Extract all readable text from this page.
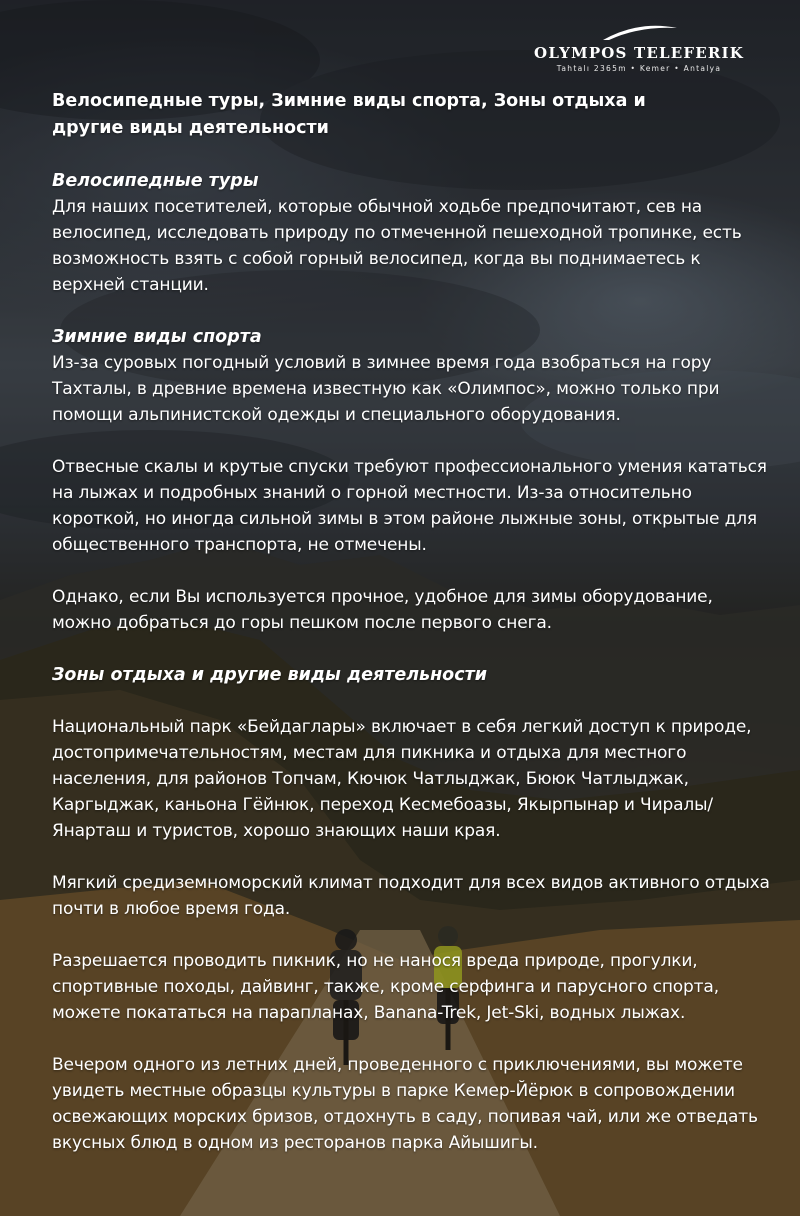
OLYMPOS TELEFERIK
Tahtalı 2365m • Kemer • Antalya
Велосипедные туры, Зимние виды спорта, Зоны отдыха и другие виды деятельности
Велосипедные туры

Для наших посетителей, которые обычной ходьбе предпочитают, сев на велосипед, исследовать природу по отмеченной пешеходной тропинке, есть возможность взять с собой горный велосипед, когда вы поднимаетесь к верхней станции.

Зимние виды спорта

Из-за суровых погодный условий в зимнее время года взобраться на гору Тахталы, в древние времена известную как «Олимпос», можно только при помощи альпинистской одежды и специального оборудования.

Отвесные скалы и крутые спуски требуют профессионального умения кататься на лыжах и подробных знаний о горной местности. Из-за относительно короткой, но иногда сильной зимы в этом районе лыжные зоны, открытые для общественного транспорта, не отмечены.

Однако, если Вы используется прочное, удобное для зимы оборудование, можно добраться до горы пешком после первого снега.

Зоны отдыха и другие виды деятельности

Национальный парк «Бейдаглары» включает в себя легкий доступ к природе, достопримечательностям, местам для пикника и отдыха для местного населения, для районов Топчам, Кючюк Чатлыджак, Бююк Чатлыджак, Каргыджак, каньона Гёйнюк, переход Кесмебоазы, Якырпынар и Чиралы/Янарташ и туристов, хорошо знающих наши края.

Мягкий средиземноморский климат подходит для всех видов активного отдыха почти в любое время года.

Разрешается проводить пикник, но не нанося вреда природе, прогулки, спортивные походы, дайвинг, также, кроме серфинга и парусного спорта, можете покататься на парапланах, Banana-Trek, Jet-Ski, водных лыжах.

Вечером одного из летних дней, проведенного с приключениями, вы можете увидеть местные образцы культуры в парке Кемер-Йёрюк в сопровождении освежающих морских бризов, отдохнуть в саду, попивая чай, или же отведать вкусных блюд в одном из ресторанов парка Айышигы.
